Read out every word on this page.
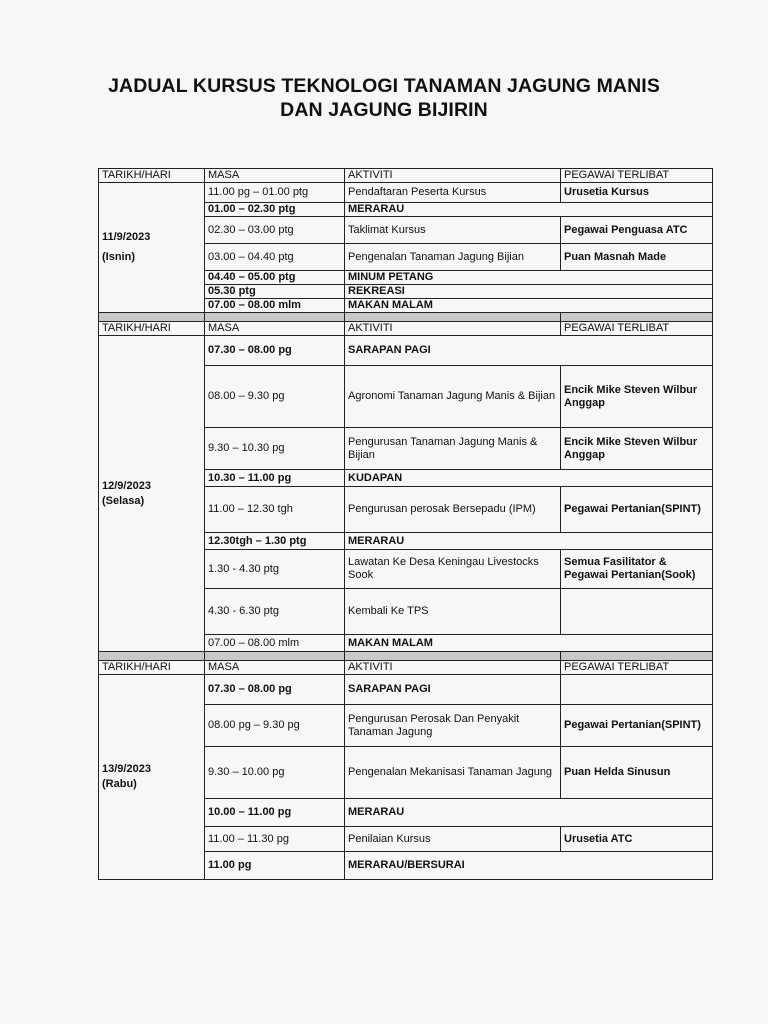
JADUAL KURSUS TEKNOLOGI TANAMAN JAGUNG MANIS
DAN JAGUNG BIJIRIN
TARIKH/HARI	MASA	AKTIVITI	PEGAWAI TERLIBAT

11/9/2023
(Isnin)	11.00 pg – 01.00 ptg	Pendaftaran Peserta Kursus	Urusetia Kursus
	01.00 – 02.30 ptg	MERARAU	
	02.30 – 03.00 ptg	Taklimat Kursus	Pegawai Penguasa ATC
	03.00 – 04.40 ptg	Pengenalan Tanaman Jagung Bijian	Puan Masnah Made
	04.40 – 05.00 ptg	MINUM PETANG	
	05.30 ptg	REKREASI	
	07.00 – 08.00 mlm	MAKAN MALAM	

TARIKH/HARI	MASA	AKTIVITI	PEGAWAI TERLIBAT

12/9/2023
(Selasa)	07.30 – 08.00 pg	SARAPAN PAGI	
	08.00 – 9.30 pg	Agronomi Tanaman Jagung Manis & Bijian	Encik Mike Steven Wilbur Anggap
	9.30 – 10.30 pg	Pengurusan Tanaman Jagung Manis & Bijian	Encik Mike Steven Wilbur Anggap
	10.30 – 11.00 pg	KUDAPAN	
	11.00 – 12.30 tgh	Pengurusan perosak Bersepadu (IPM)	Pegawai Pertanian(SPINT)
	12.30tgh – 1.30 ptg	MERARAU	
	1.30 - 4.30 ptg	Lawatan Ke Desa Keningau Livestocks Sook	Semua Fasilitator & Pegawai Pertanian(Sook)
	4.30 - 6.30 ptg	Kembali Ke TPS	
	07.00 – 08.00 mlm	MAKAN MALAM	

TARIKH/HARI	MASA	AKTIVITI	PEGAWAI TERLIBAT

13/9/2023
(Rabu)	07.30 – 08.00 pg	SARAPAN PAGI	
	08.00 pg – 9.30 pg	Pengurusan Perosak Dan Penyakit Tanaman Jagung	Pegawai Pertanian(SPINT)
	9.30 – 10.00 pg	Pengenalan Mekanisasi Tanaman Jagung	Puan Helda Sinusun
	10.00 – 11.00 pg	MERARAU	
	11.00 – 11.30 pg	Penilaian Kursus	Urusetia ATC
	11.00 pg	MERARAU/BERSURAI	
